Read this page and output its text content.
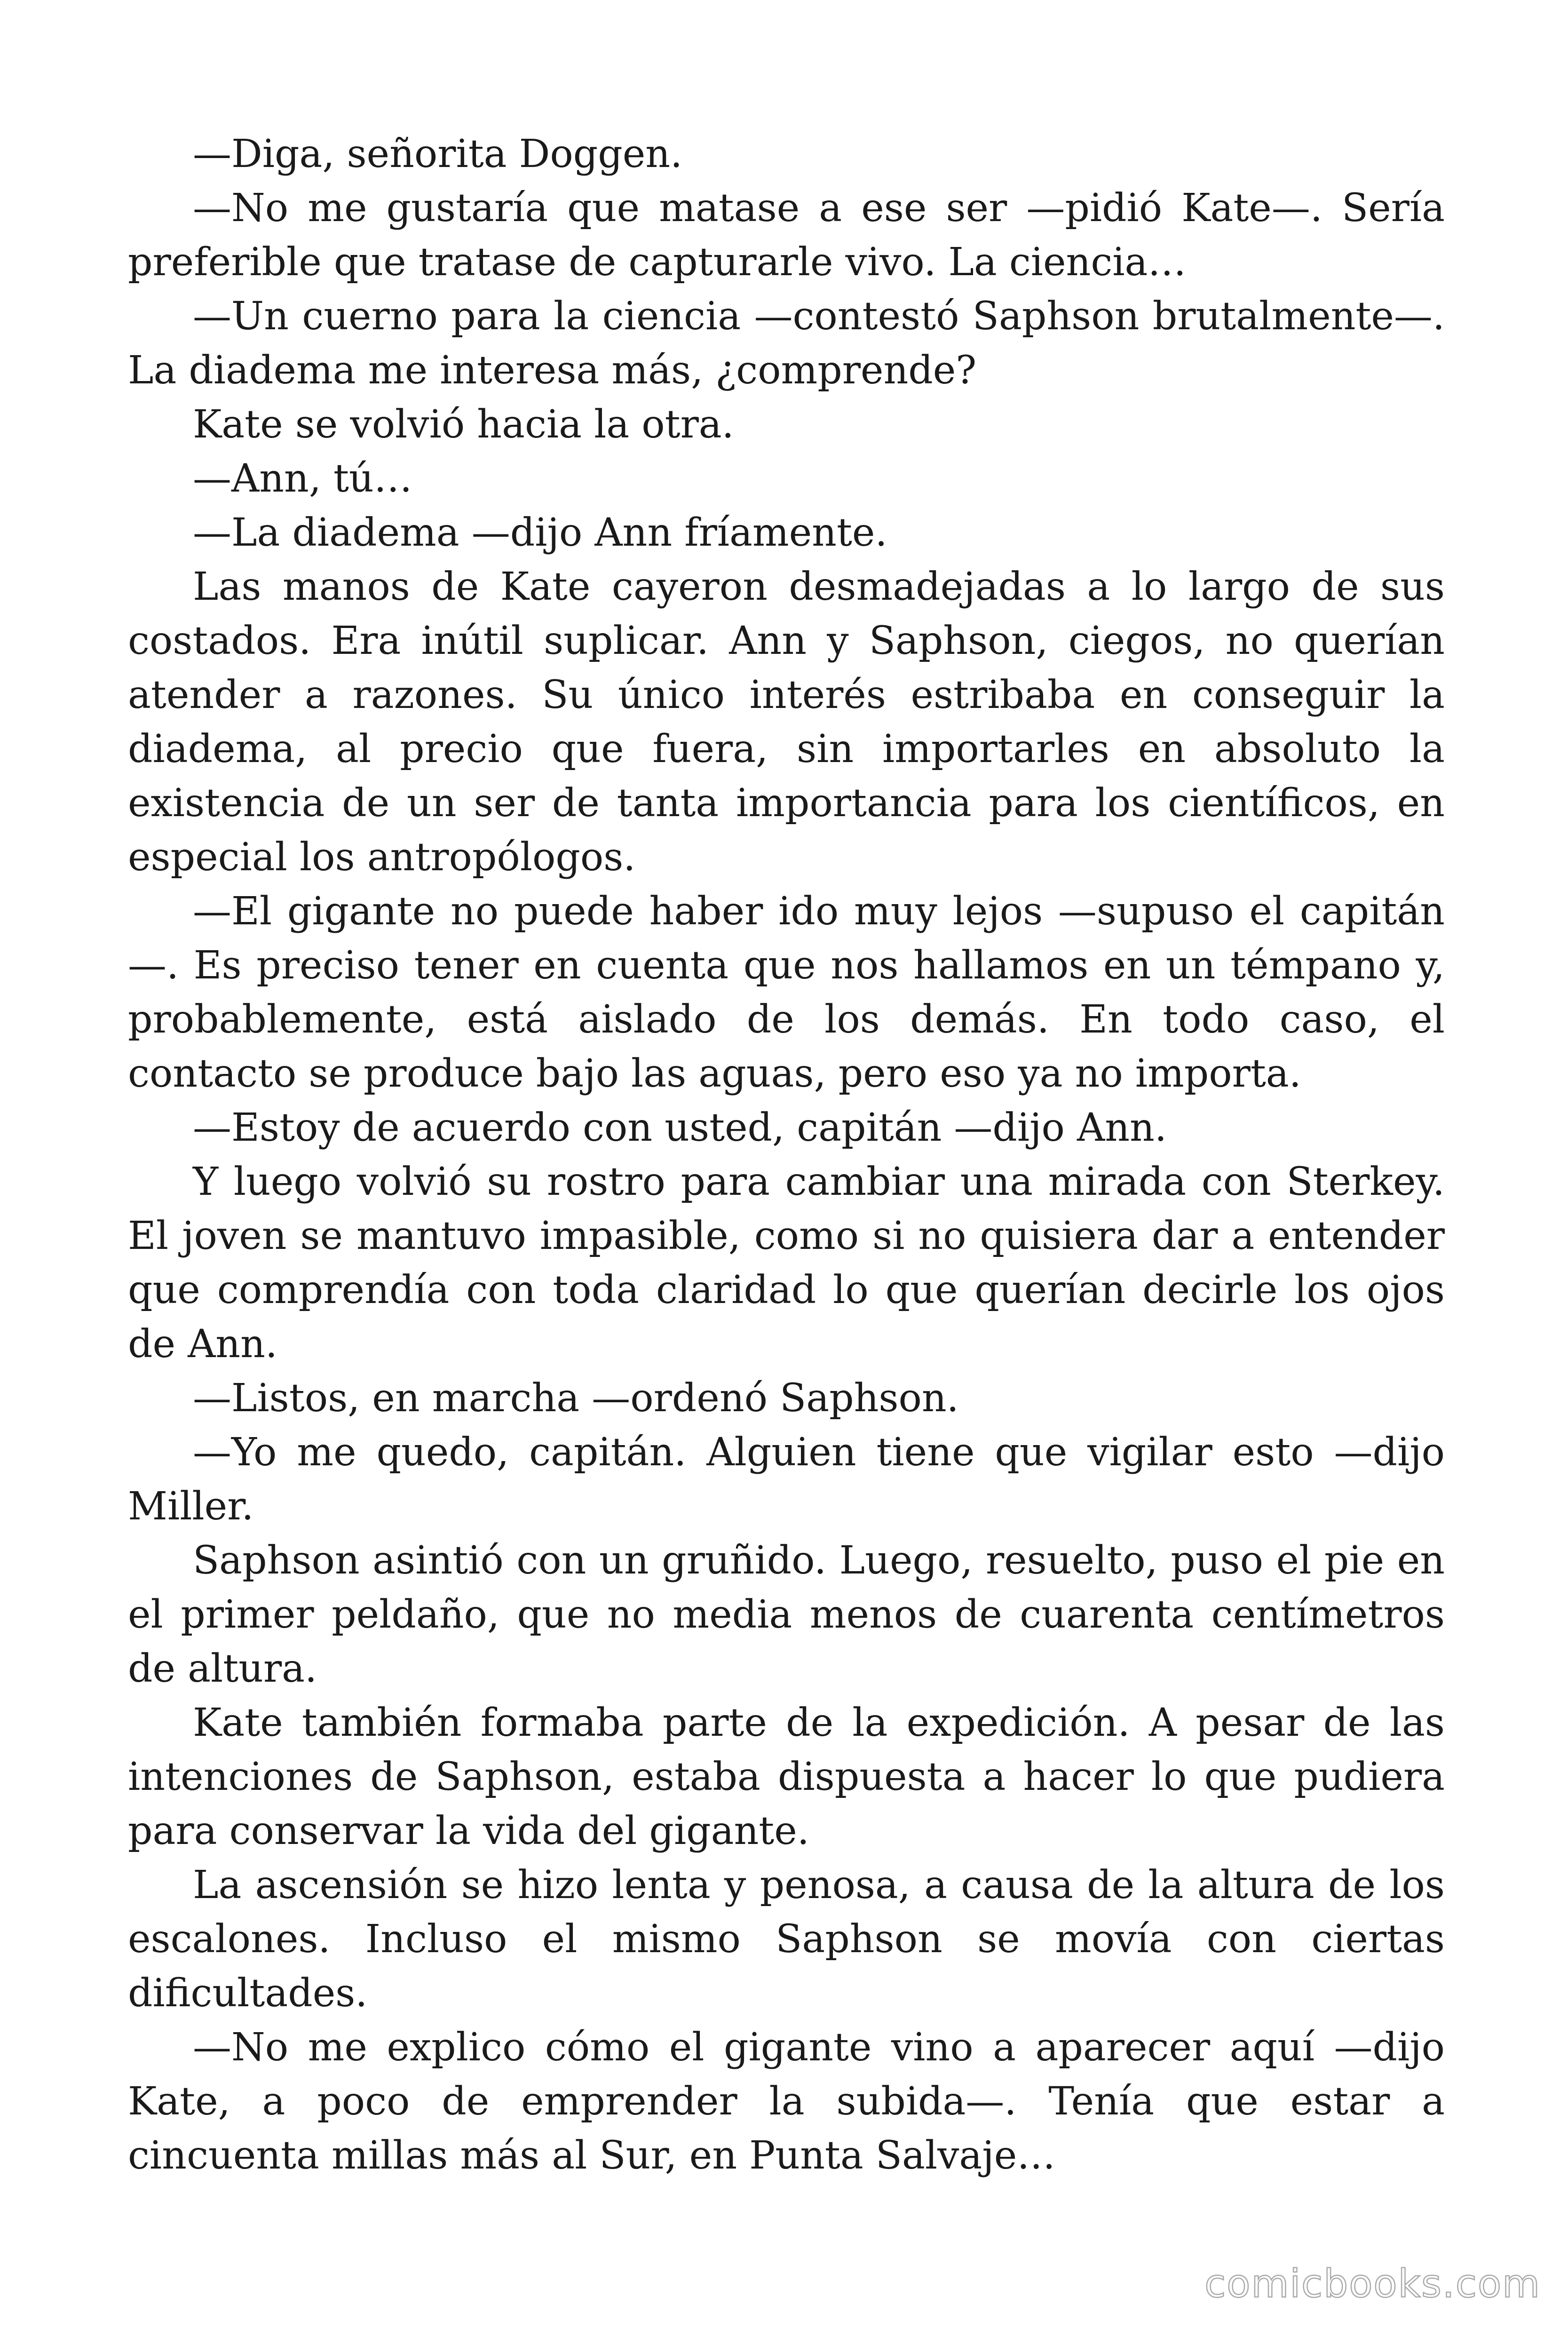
—Diga, señorita Doggen.

—No me gustaría que matase a ese ser —pidió Kate—. Sería preferible que tratase de capturarle vivo. La ciencia…

—Un cuerno para la ciencia —contestó Saphson brutalmente—. La diadema me interesa más, ¿comprende?

Kate se volvió hacia la otra.

—Ann, tú…

—La diadema —dijo Ann fríamente.

Las manos de Kate cayeron desmadejadas a lo largo de sus costados. Era inútil suplicar. Ann y Saphson, ciegos, no querían atender a razones. Su único interés estribaba en conseguir la diadema, al precio que fuera, sin importarles en absoluto la existencia de un ser de tanta importancia para los científicos, en especial los antropólogos.

—El gigante no puede haber ido muy lejos —supuso el capitán —. Es preciso tener en cuenta que nos hallamos en un témpano y, probablemente, está aislado de los demás. En todo caso, el contacto se produce bajo las aguas, pero eso ya no importa.

—Estoy de acuerdo con usted, capitán —dijo Ann.

Y luego volvió su rostro para cambiar una mirada con Sterkey. El joven se mantuvo impasible, como si no quisiera dar a entender que comprendía con toda claridad lo que querían decirle los ojos de Ann.

—Listos, en marcha —ordenó Saphson.

—Yo me quedo, capitán. Alguien tiene que vigilar esto —dijo Miller.

Saphson asintió con un gruñido. Luego, resuelto, puso el pie en el primer peldaño, que no media menos de cuarenta centímetros de altura.

Kate también formaba parte de la expedición. A pesar de las intenciones de Saphson, estaba dispuesta a hacer lo que pudiera para conservar la vida del gigante.

La ascensión se hizo lenta y penosa, a causa de la altura de los escalones. Incluso el mismo Saphson se movía con ciertas dificultades.

—No me explico cómo el gigante vino a aparecer aquí —dijo Kate, a poco de emprender la subida—. Tenía que estar a cincuenta millas más al Sur, en Punta Salvaje…

comicbooks.com
